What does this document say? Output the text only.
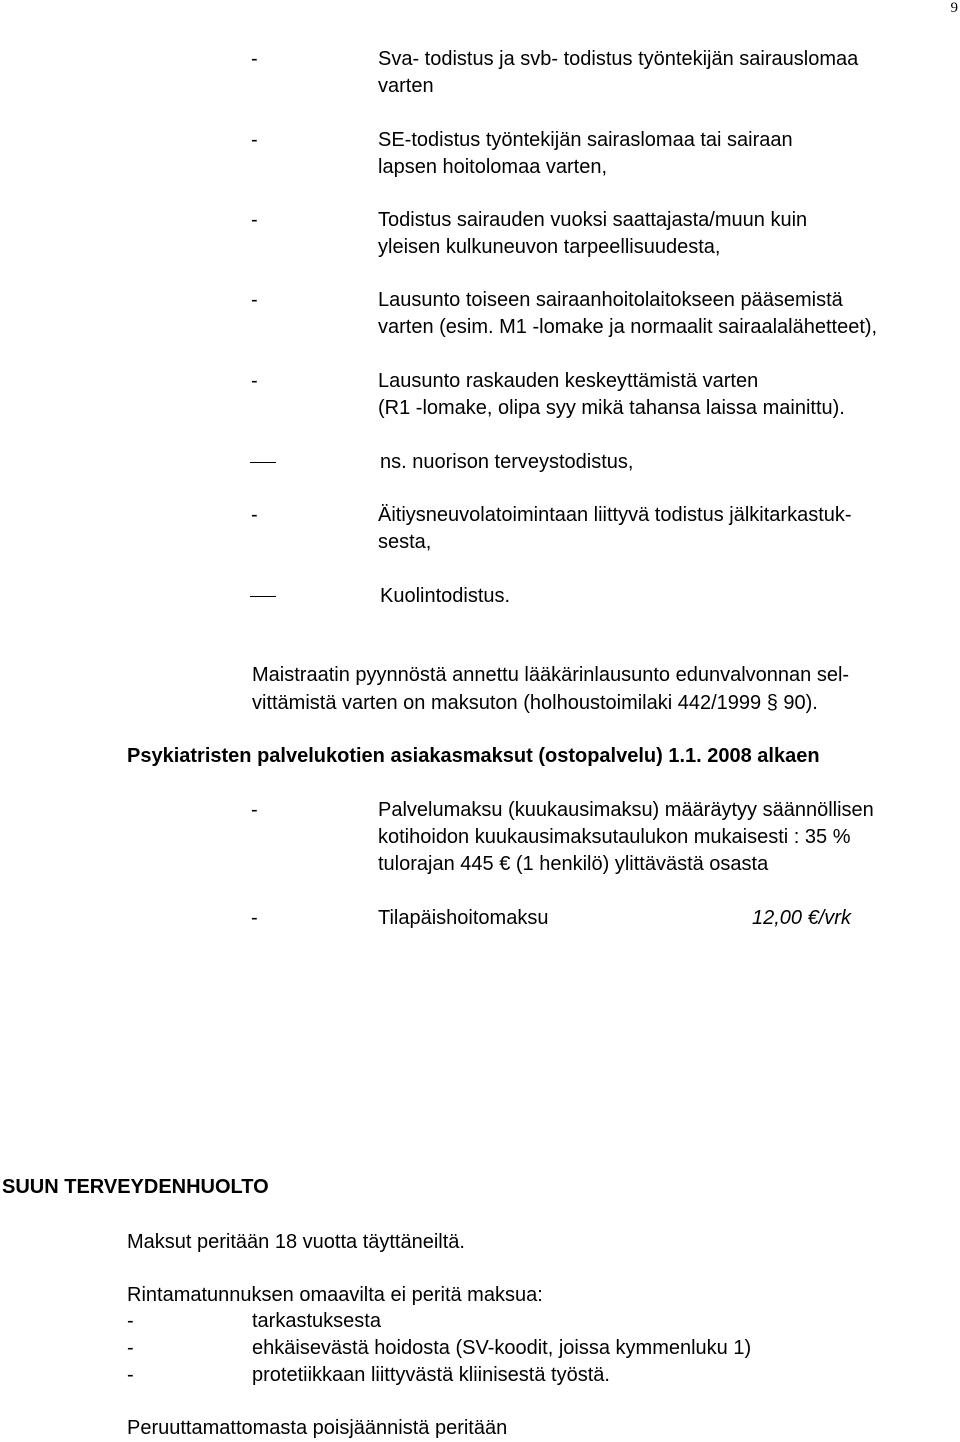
9
-	Sva- todistus ja svb- todistus työntekijän sairauslomaa
varten
-	SE-todistus työntekijän sairaslomaa tai sairaan
lapsen hoitolomaa varten,
-	Todistus sairauden vuoksi saattajasta/muun kuin
yleisen kulkuneuvon tarpeellisuudesta,
-	Lausunto toiseen sairaanhoitolaitokseen pääsemistä
varten (esim. M1 -lomake ja normaalit sairaalalähetteet),
-	Lausunto raskauden keskeyttämistä varten
(R1 -lomake, olipa syy mikä tahansa laissa mainittu).
ns. nuorison terveystodistus,
-	Äitiysneuvolatoimintaan liittyvä todistus jälkitarkastuk-
sesta,
Kuolintodistus.
Maistraatin pyynnöstä annettu lääkärinlausunto edunvalvonnan sel-
vittämistä varten on maksuton (holhoustoimilaki 442/1999 § 90).
Psykiatristen palvelukotien asiakasmaksut (ostopalvelu) 1.1. 2008 alkaen
-	Palvelumaksu (kuukausimaksu) määräytyy säännöllisen
kotihoidon kuukausimaksutaulukon mukaisesti : 35 %
tulorajan 445 € (1 henkilö) ylittävästä osasta
-	Tilapäishoitomaksu	12,00 €/vrk
SUUN TERVEYDENHUOLTO
Maksut peritään 18 vuotta täyttäneiltä.
Rintamatunnuksen omaavilta ei peritä maksua:
-	tarkastuksesta
-	ehkäisevästä hoidosta (SV-koodit, joissa kymmenluku 1)
-	protetiikkaan liittyvästä kliinisestä työstä.
Peruuttamattomasta poisjäännistä peritään
